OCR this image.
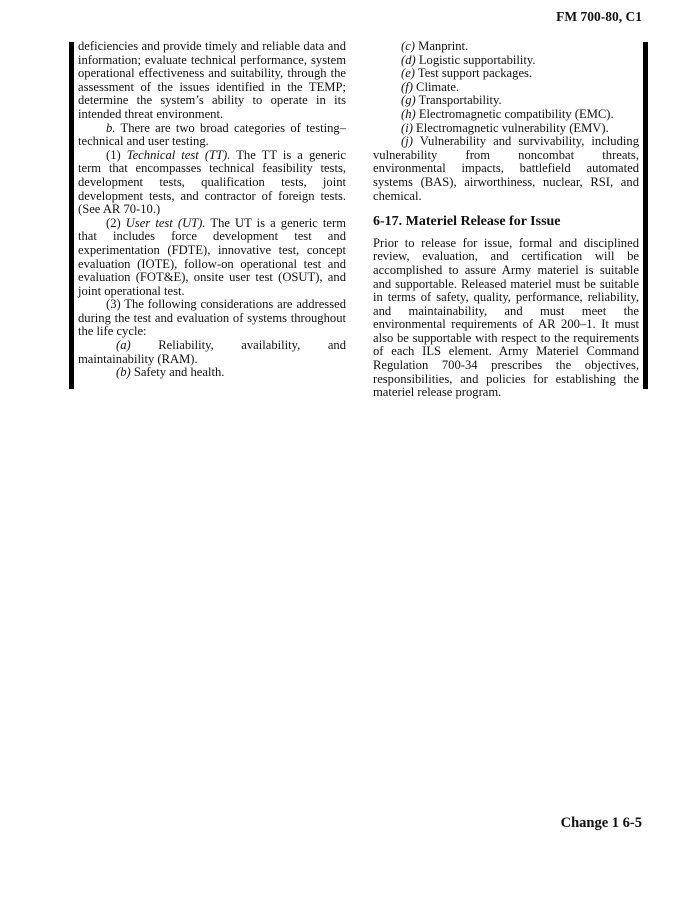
FM 700-80, C1

deficiencies and provide timely and reliable data and information; evaluate technical performance, system operational effectiveness and suitability, through the assessment of the issues identified in the TEMP; determine the system’s ability to operate in its intended threat environment.

b. There are two broad categories of testing–technical and user testing.

(1) Technical test (TT). The TT is a generic term that encompasses technical feasibility tests, development tests, qualification tests, joint development tests, and contractor of foreign tests. (See AR 70-10.)

(2) User test (UT). The UT is a generic term that includes force development test and experimentation (FDTE), innovative test, concept evaluation (IOTE), follow-on operational test and evaluation (FOT&E), onsite user test (OSUT), and joint operational test.

(3) The following considerations are addressed during the test and evaluation of systems throughout the life cycle:

(a) Reliability, availability, and maintainability (RAM).

(b) Safety and health.

(c) Manprint.

(d) Logistic supportability.

(e) Test support packages.

(f) Climate.

(g) Transportability.

(h) Electromagnetic compatibility (EMC).

(i) Electromagnetic vulnerability (EMV).

(j) Vulnerability and survivability, including vulnerability from noncombat threats, environmental impacts, battlefield automated systems (BAS), airworthiness, nuclear, RSI, and chemical.

6-17. Materiel Release for Issue

Prior to release for issue, formal and disciplined review, evaluation, and certification will be accomplished to assure Army materiel is suitable and supportable. Released materiel must be suitable in terms of safety, quality, performance, reliability, and maintainability, and must meet the environmental requirements of AR 200–1. It must also be supportable with respect to the requirements of each ILS element. Army Materiel Command Regulation 700-34 prescribes the objectives, responsibilities, and policies for establishing the materiel release program.

Change 1 6-5
